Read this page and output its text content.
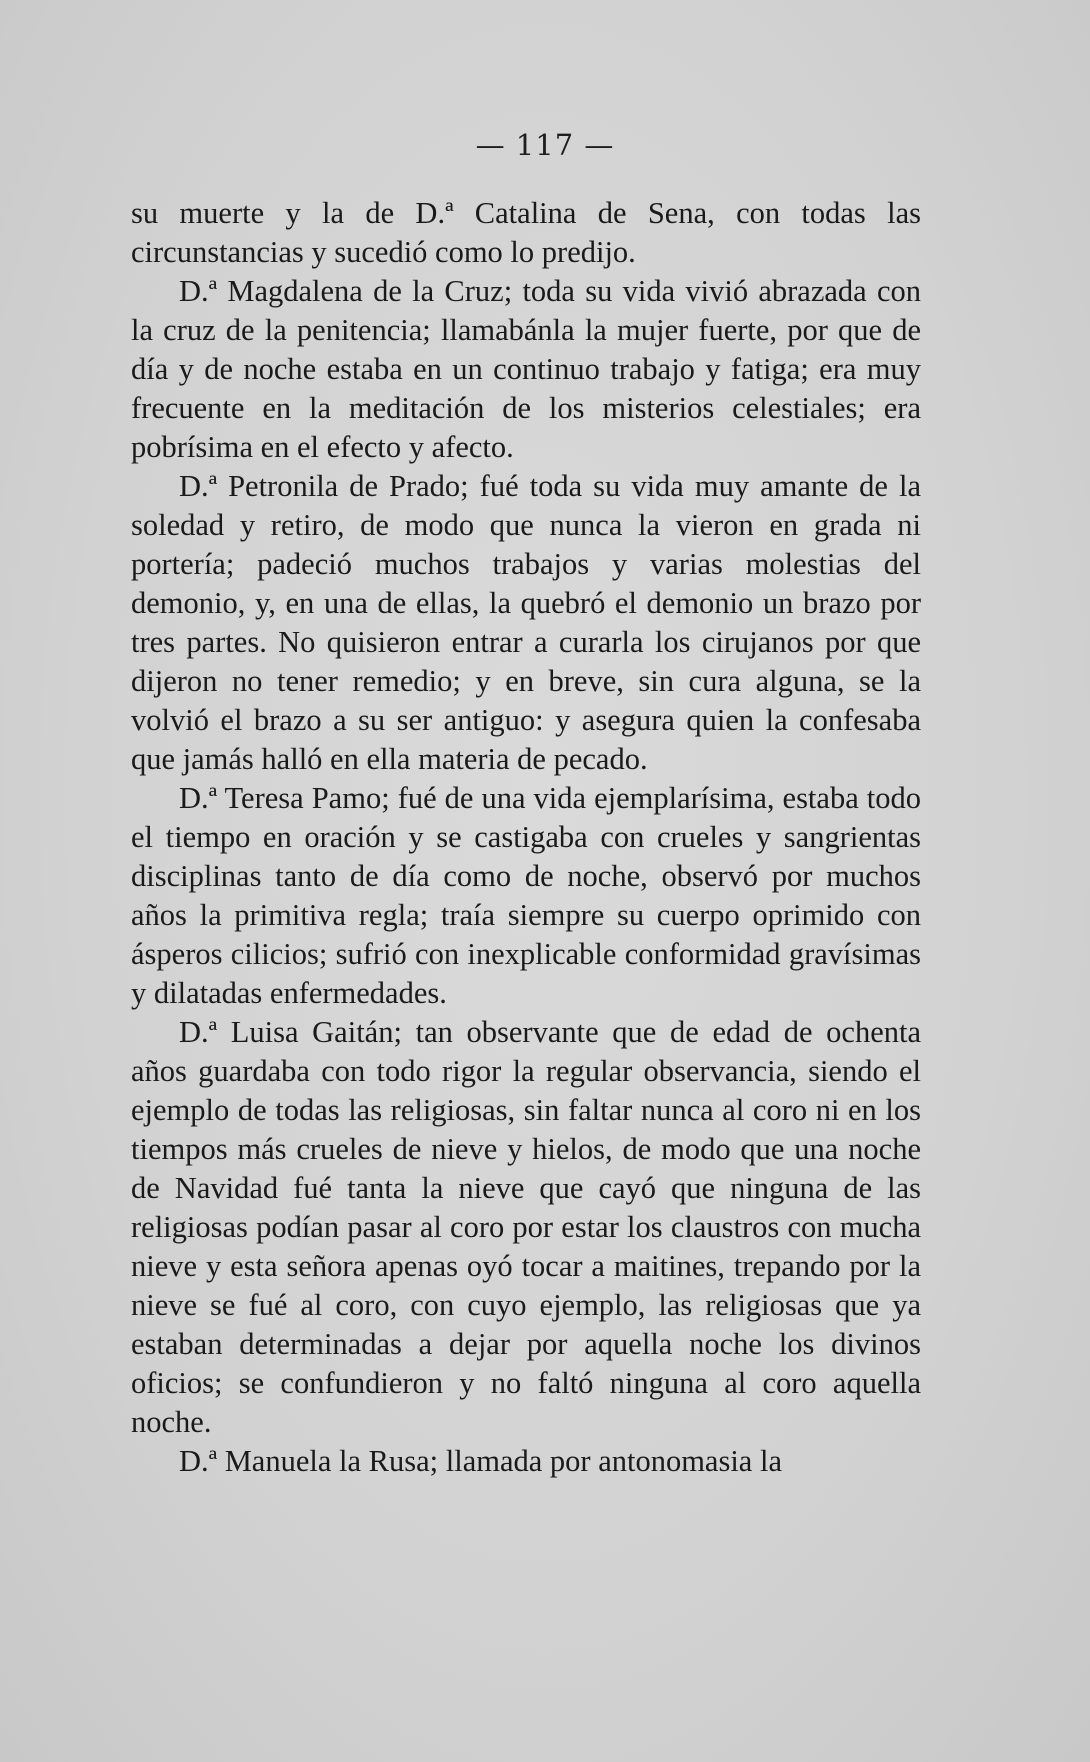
— 117 —

su muerte y la de D.ª Catalina de Sena, con todas las circunstancias y sucedió como lo predijo.

D.ª Magdalena de la Cruz; toda su vida vivió abrazada con la cruz de la penitencia; llamabánla la mujer fuerte, por que de día y de noche estaba en un continuo trabajo y fatiga; era muy frecuente en la meditación de los misterios celestiales; era pobrísima en el efecto y afecto.

D.ª Petronila de Prado; fué toda su vida muy amante de la soledad y retiro, de modo que nunca la vieron en grada ni portería; padeció muchos trabajos y varias molestias del demonio, y, en una de ellas, la quebró el demonio un brazo por tres partes. No quisieron entrar a curarla los cirujanos por que dijeron no tener remedio; y en breve, sin cura alguna, se la volvió el brazo a su ser antiguo: y asegura quien la confesaba que jamás halló en ella materia de pecado.

D.ª Teresa Pamo; fué de una vida ejemplarísima, estaba todo el tiempo en oración y se castigaba con crueles y sangrientas disciplinas tanto de día como de noche, observó por muchos años la primitiva regla; traía siempre su cuerpo oprimido con ásperos cilicios; sufrió con inexplicable conformidad gravísimas y dilatadas enfermedades.

D.ª Luisa Gaitán; tan observante que de edad de ochenta años guardaba con todo rigor la regular observancia, siendo el ejemplo de todas las religiosas, sin faltar nunca al coro ni en los tiempos más crueles de nieve y hielos, de modo que una noche de Navidad fué tanta la nieve que cayó que ninguna de las religiosas podían pasar al coro por estar los claustros con mucha nieve y esta señora apenas oyó tocar a maitines, trepando por la nieve se fué al coro, con cuyo ejemplo, las religiosas que ya estaban determinadas a dejar por aquella noche los divinos oficios; se confundieron y no faltó ninguna al coro aquella noche.

D.ª Manuela la Rusa; llamada por antonomasia la
